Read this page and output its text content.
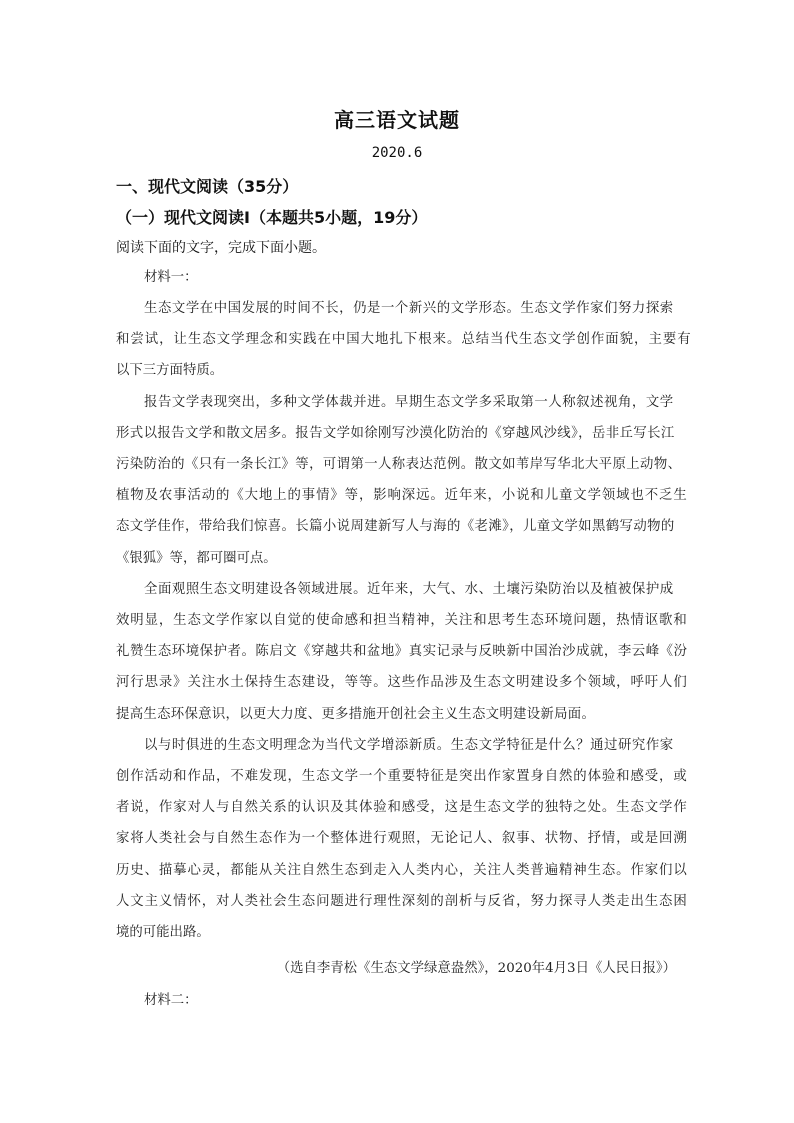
高三语文试题
2020.6
一、现代文阅读（35分）
（一）现代文阅读Ⅰ（本题共5小题，19分）
阅读下面的文字，完成下面小题。
材料一：
生态文学在中国发展的时间不长，仍是一个新兴的文学形态。生态文学作家们努力探索
和尝试，让生态文学理念和实践在中国大地扎下根来。总结当代生态文学创作面貌，主要有
以下三方面特质。
报告文学表现突出，多种文学体裁并进。早期生态文学多采取第一人称叙述视角，文学
形式以报告文学和散文居多。报告文学如徐刚写沙漠化防治的《穿越风沙线》，岳非丘写长江
污染防治的《只有一条长江》等，可谓第一人称表达范例。散文如苇岸写华北大平原上动物、
植物及农事活动的《大地上的事情》等，影响深远。近年来，小说和儿童文学领域也不乏生
态文学佳作，带给我们惊喜。长篇小说周建新写人与海的《老滩》，儿童文学如黑鹤写动物的
《银狐》等，都可圈可点。
全面观照生态文明建设各领域进展。近年来，大气、水、土壤污染防治以及植被保护成
效明显，生态文学作家以自觉的使命感和担当精神，关注和思考生态环境问题，热情讴歌和
礼赞生态环境保护者。陈启文《穿越共和盆地》真实记录与反映新中国治沙成就，李云峰《汾
河行思录》关注水土保持生态建设，等等。这些作品涉及生态文明建设多个领域，呼吁人们
提高生态环保意识，以更大力度、更多措施开创社会主义生态文明建设新局面。
以与时俱进的生态文明理念为当代文学增添新质。生态文学特征是什么？通过研究作家
创作活动和作品，不难发现，生态文学一个重要特征是突出作家置身自然的体验和感受，或
者说，作家对人与自然关系的认识及其体验和感受，这是生态文学的独特之处。生态文学作
家将人类社会与自然生态作为一个整体进行观照，无论记人、叙事、状物、抒情，或是回溯
历史、描摹心灵，都能从关注自然生态到走入人类内心，关注人类普遍精神生态。作家们以
人文主义情怀，对人类社会生态问题进行理性深刻的剖析与反省，努力探寻人类走出生态困
境的可能出路。
（选自李青松《生态文学绿意盎然》，2020年4月3日《人民日报》）
材料二：
